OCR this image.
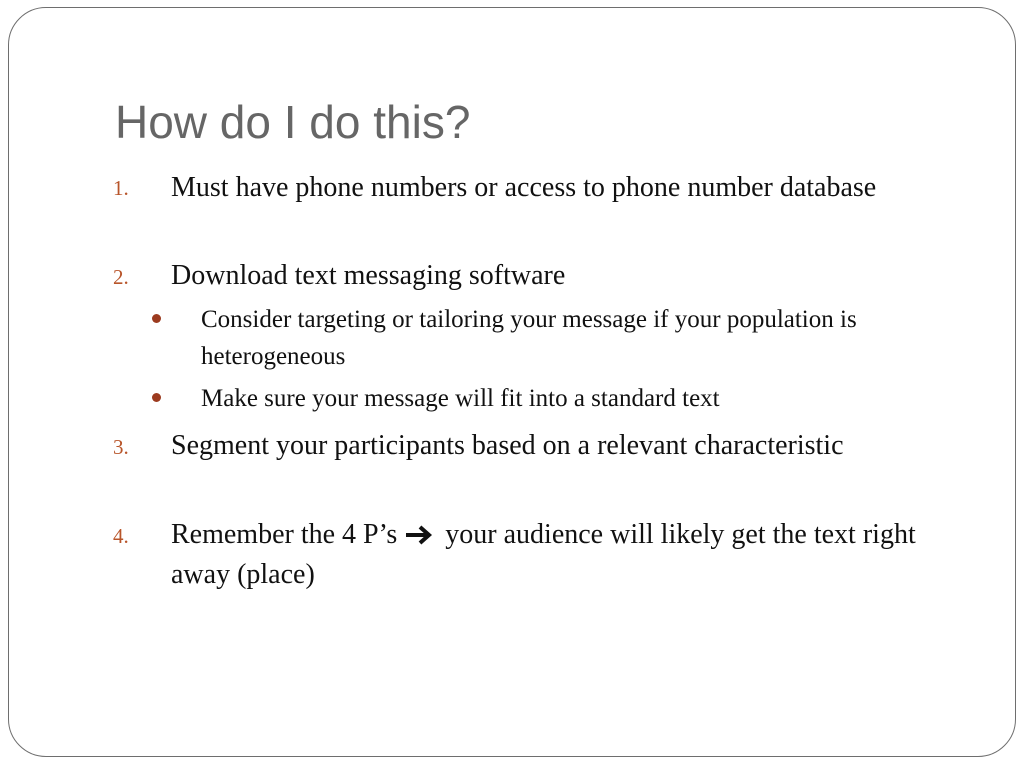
How do I do this?
1. Must have phone numbers or access to phone number database
2. Download text messaging software
Consider targeting or tailoring your message if your population is heterogeneous
Make sure your message will fit into a standard text
3. Segment your participants based on a relevant characteristic
4. Remember the 4 P’s your audience will likely get the text right away (place)
